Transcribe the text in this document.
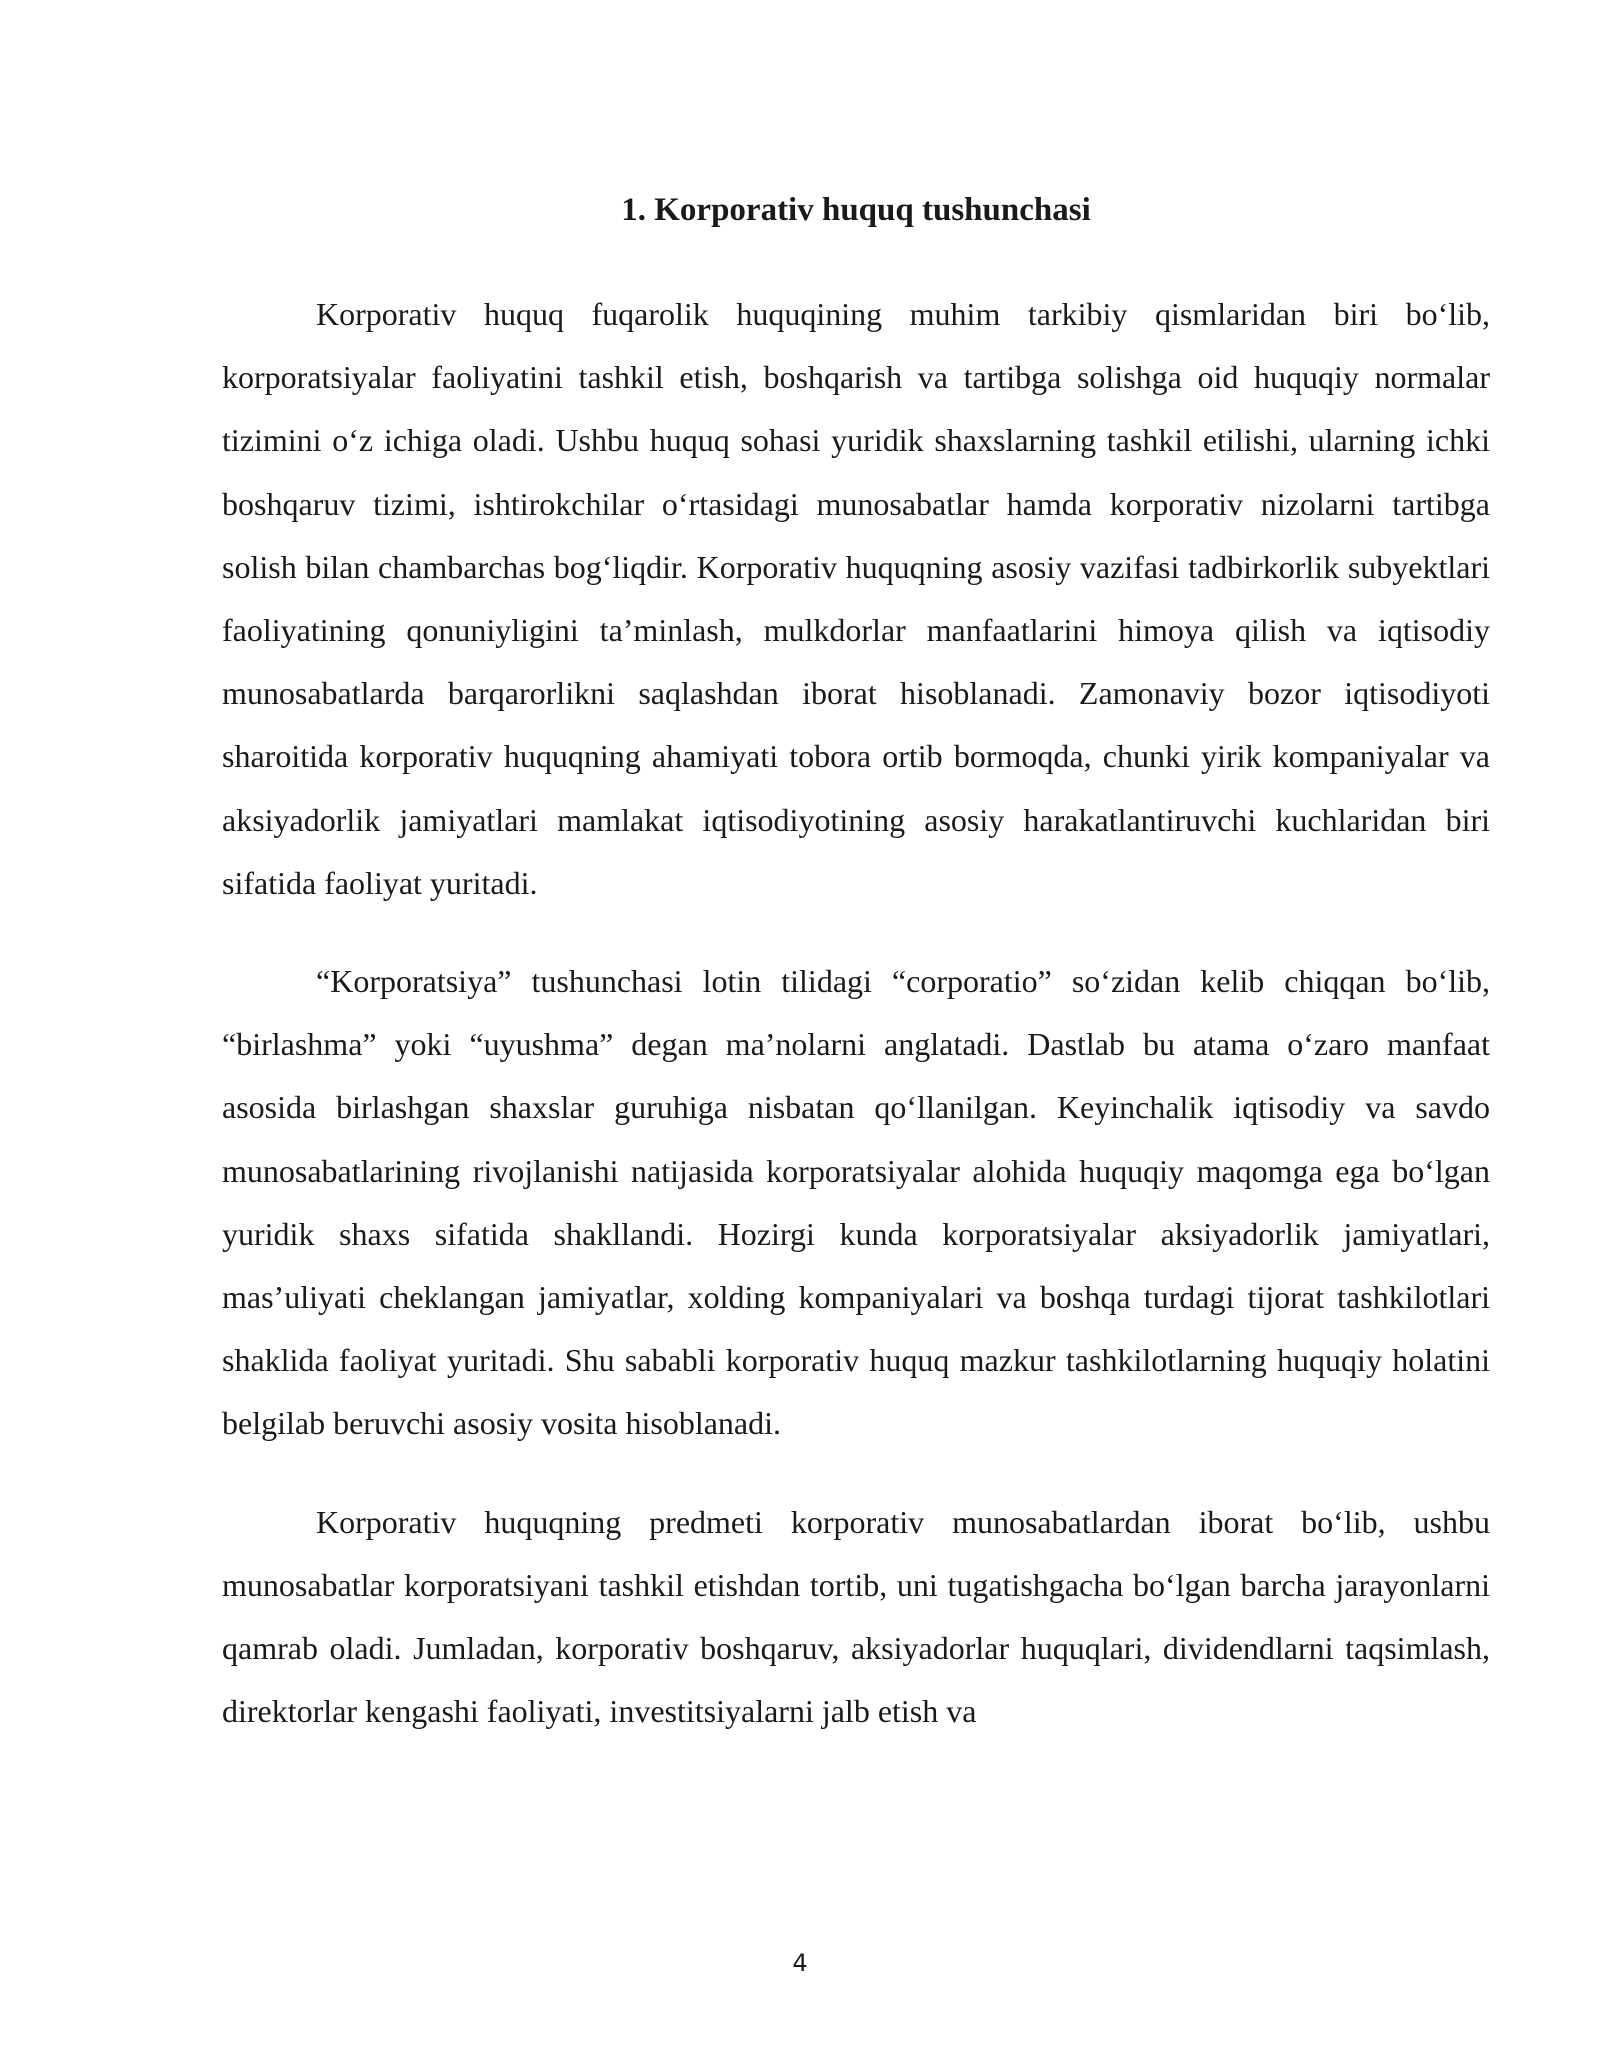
1. Korporativ huquq tushunchasi

Korporativ huquq fuqarolik huquqining muhim tarkibiy qismlaridan biri bo‘lib, korporatsiyalar faoliyatini tashkil etish, boshqarish va tartibga solishga oid huquqiy normalar tizimini o‘z ichiga oladi. Ushbu huquq sohasi yuridik shaxslarning tashkil etilishi, ularning ichki boshqaruv tizimi, ishtirokchilar o‘rtasidagi munosabatlar hamda korporativ nizolarni tartibga solish bilan chambarchas bog‘liqdir. Korporativ huquqning asosiy vazifasi tadbirkorlik subyektlari faoliyatining qonuniyligini ta’minlash, mulkdorlar manfaatlarini himoya qilish va iqtisodiy munosabatlarda barqarorlikni saqlashdan iborat hisoblanadi. Zamonaviy bozor iqtisodiyoti sharoitida korporativ huquqning ahamiyati tobora ortib bormoqda, chunki yirik kompaniyalar va aksiyadorlik jamiyatlari mamlakat iqtisodiyotining asosiy harakatlantiruvchi kuchlaridan biri sifatida faoliyat yuritadi.

“Korporatsiya” tushunchasi lotin tilidagi “corporatio” so‘zidan kelib chiqqan bo‘lib, “birlashma” yoki “uyushma” degan ma’nolarni anglatadi. Dastlab bu atama o‘zaro manfaat asosida birlashgan shaxslar guruhiga nisbatan qo‘llanilgan. Keyinchalik iqtisodiy va savdo munosabatlarining rivojlanishi natijasida korporatsiyalar alohida huquqiy maqomga ega bo‘lgan yuridik shaxs sifatida shakllandi. Hozirgi kunda korporatsiyalar aksiyadorlik jamiyatlari, mas’uliyati cheklangan jamiyatlar, xolding kompaniyalari va boshqa turdagi tijorat tashkilotlari shaklida faoliyat yuritadi. Shu sababli korporativ huquq mazkur tashkilotlarning huquqiy holatini belgilab beruvchi asosiy vosita hisoblanadi.

Korporativ huquqning predmeti korporativ munosabatlardan iborat bo‘lib, ushbu munosabatlar korporatsiyani tashkil etishdan tortib, uni tugatishgacha bo‘lgan barcha jarayonlarni qamrab oladi. Jumladan, korporativ boshqaruv, aksiyadorlar huquqlari, dividendlarni taqsimlash, direktorlar kengashi faoliyati, investitsiyalarni jalb etish va

4
